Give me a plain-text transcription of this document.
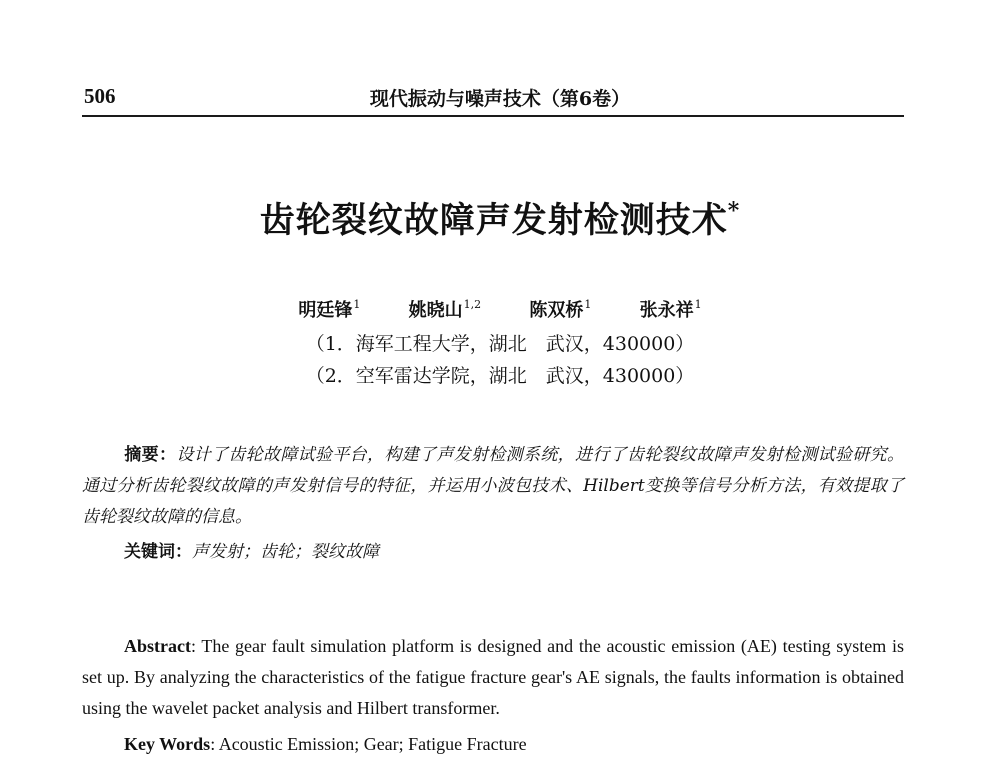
506	现代振动与噪声技术（第6卷）
齿轮裂纹故障声发射检测技术*
明廷锋$^1$	姚晓山$^{1,2}$	陈双桥$^1$	张永祥$^1$
（1．海军工程大学，湖北　武汉，430000）
（2．空军雷达学院，湖北　武汉，430000）
摘要：设计了齿轮故障试验平台，构建了声发射检测系统，进行了齿轮裂纹故障声发射检测试验研究。通过分析齿轮裂纹故障的声发射信号的特征，并运用小波包技术、Hilbert变换等信号分析方法，有效提取了齿轮裂纹故障的信息。
关键词：声发射；齿轮；裂纹故障
Abstract: The gear fault simulation platform is designed and the acoustic emission (AE) testing system is set up. By analyzing the characteristics of the fatigue fracture gear's AE signals, the faults information is obtained using the wavelet packet analysis and Hilbert transformer.
Key Words: Acoustic Emission; Gear; Fatigue Fracture
